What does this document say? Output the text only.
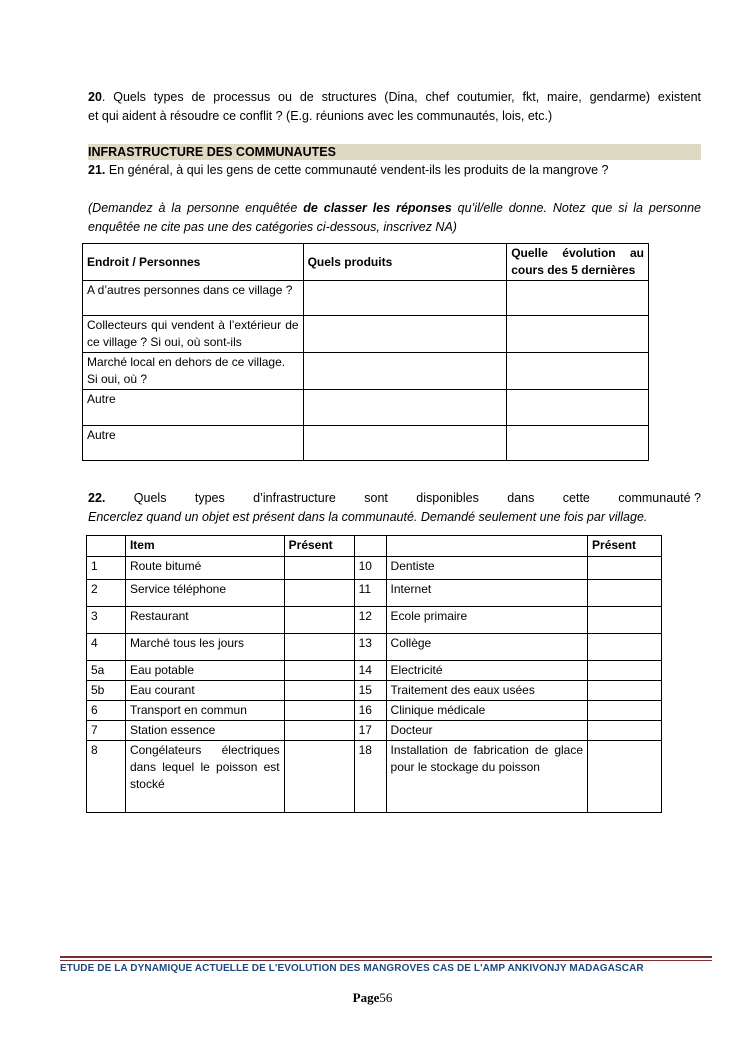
20. Quels types de processus ou de structures (Dina, chef coutumier, fkt, maire, gendarme) existent
et qui aident à résoudre ce conflit ? (E.g. réunions avec les communautés, lois, etc.)
INFRASTRUCTURE DES COMMUNAUTES
21. En général, à qui les gens de cette communauté vendent-ils les produits de la mangrove ?
(Demandez à la personne enquêtée de classer les réponses qu’il/elle donne. Notez que si la personne
enquêtée ne cite pas une des catégories ci-dessous, inscrivez NA)
Endroit / Personnes	Quels produits	Quelle évolution au cours des 5 dernières
A d’autres personnes dans ce village ?		
Collecteurs qui vendent à l’extérieur de ce village ? Si oui, où sont-ils		
Marché local en dehors de ce village. Si oui, où ?		
Autre		
Autre		
22. Quels types d’infrastructure sont disponibles dans cette communauté ?
Encerclez quand un objet est présent dans la communauté. Demandé seulement une fois par village.
	Item	Présent			Présent
1	Route bitumé		10	Dentiste	
2	Service téléphone		11	Internet	
3	Restaurant		12	Ecole primaire	
4	Marché tous les jours		13	Collège	
5a	Eau potable		14	Electricité	
5b	Eau courant		15	Traitement des eaux usées	
6	Transport en commun		16	Clinique médicale	
7	Station essence		17	Docteur	
8	Congélateurs électriques dans lequel le poisson est stocké		18	Installation de fabrication de glace pour le stockage du poisson	
ETUDE DE LA DYNAMIQUE ACTUELLE DE L'EVOLUTION DES MANGROVES CAS DE L'AMP ANKIVONJY MADAGASCAR
Page56
